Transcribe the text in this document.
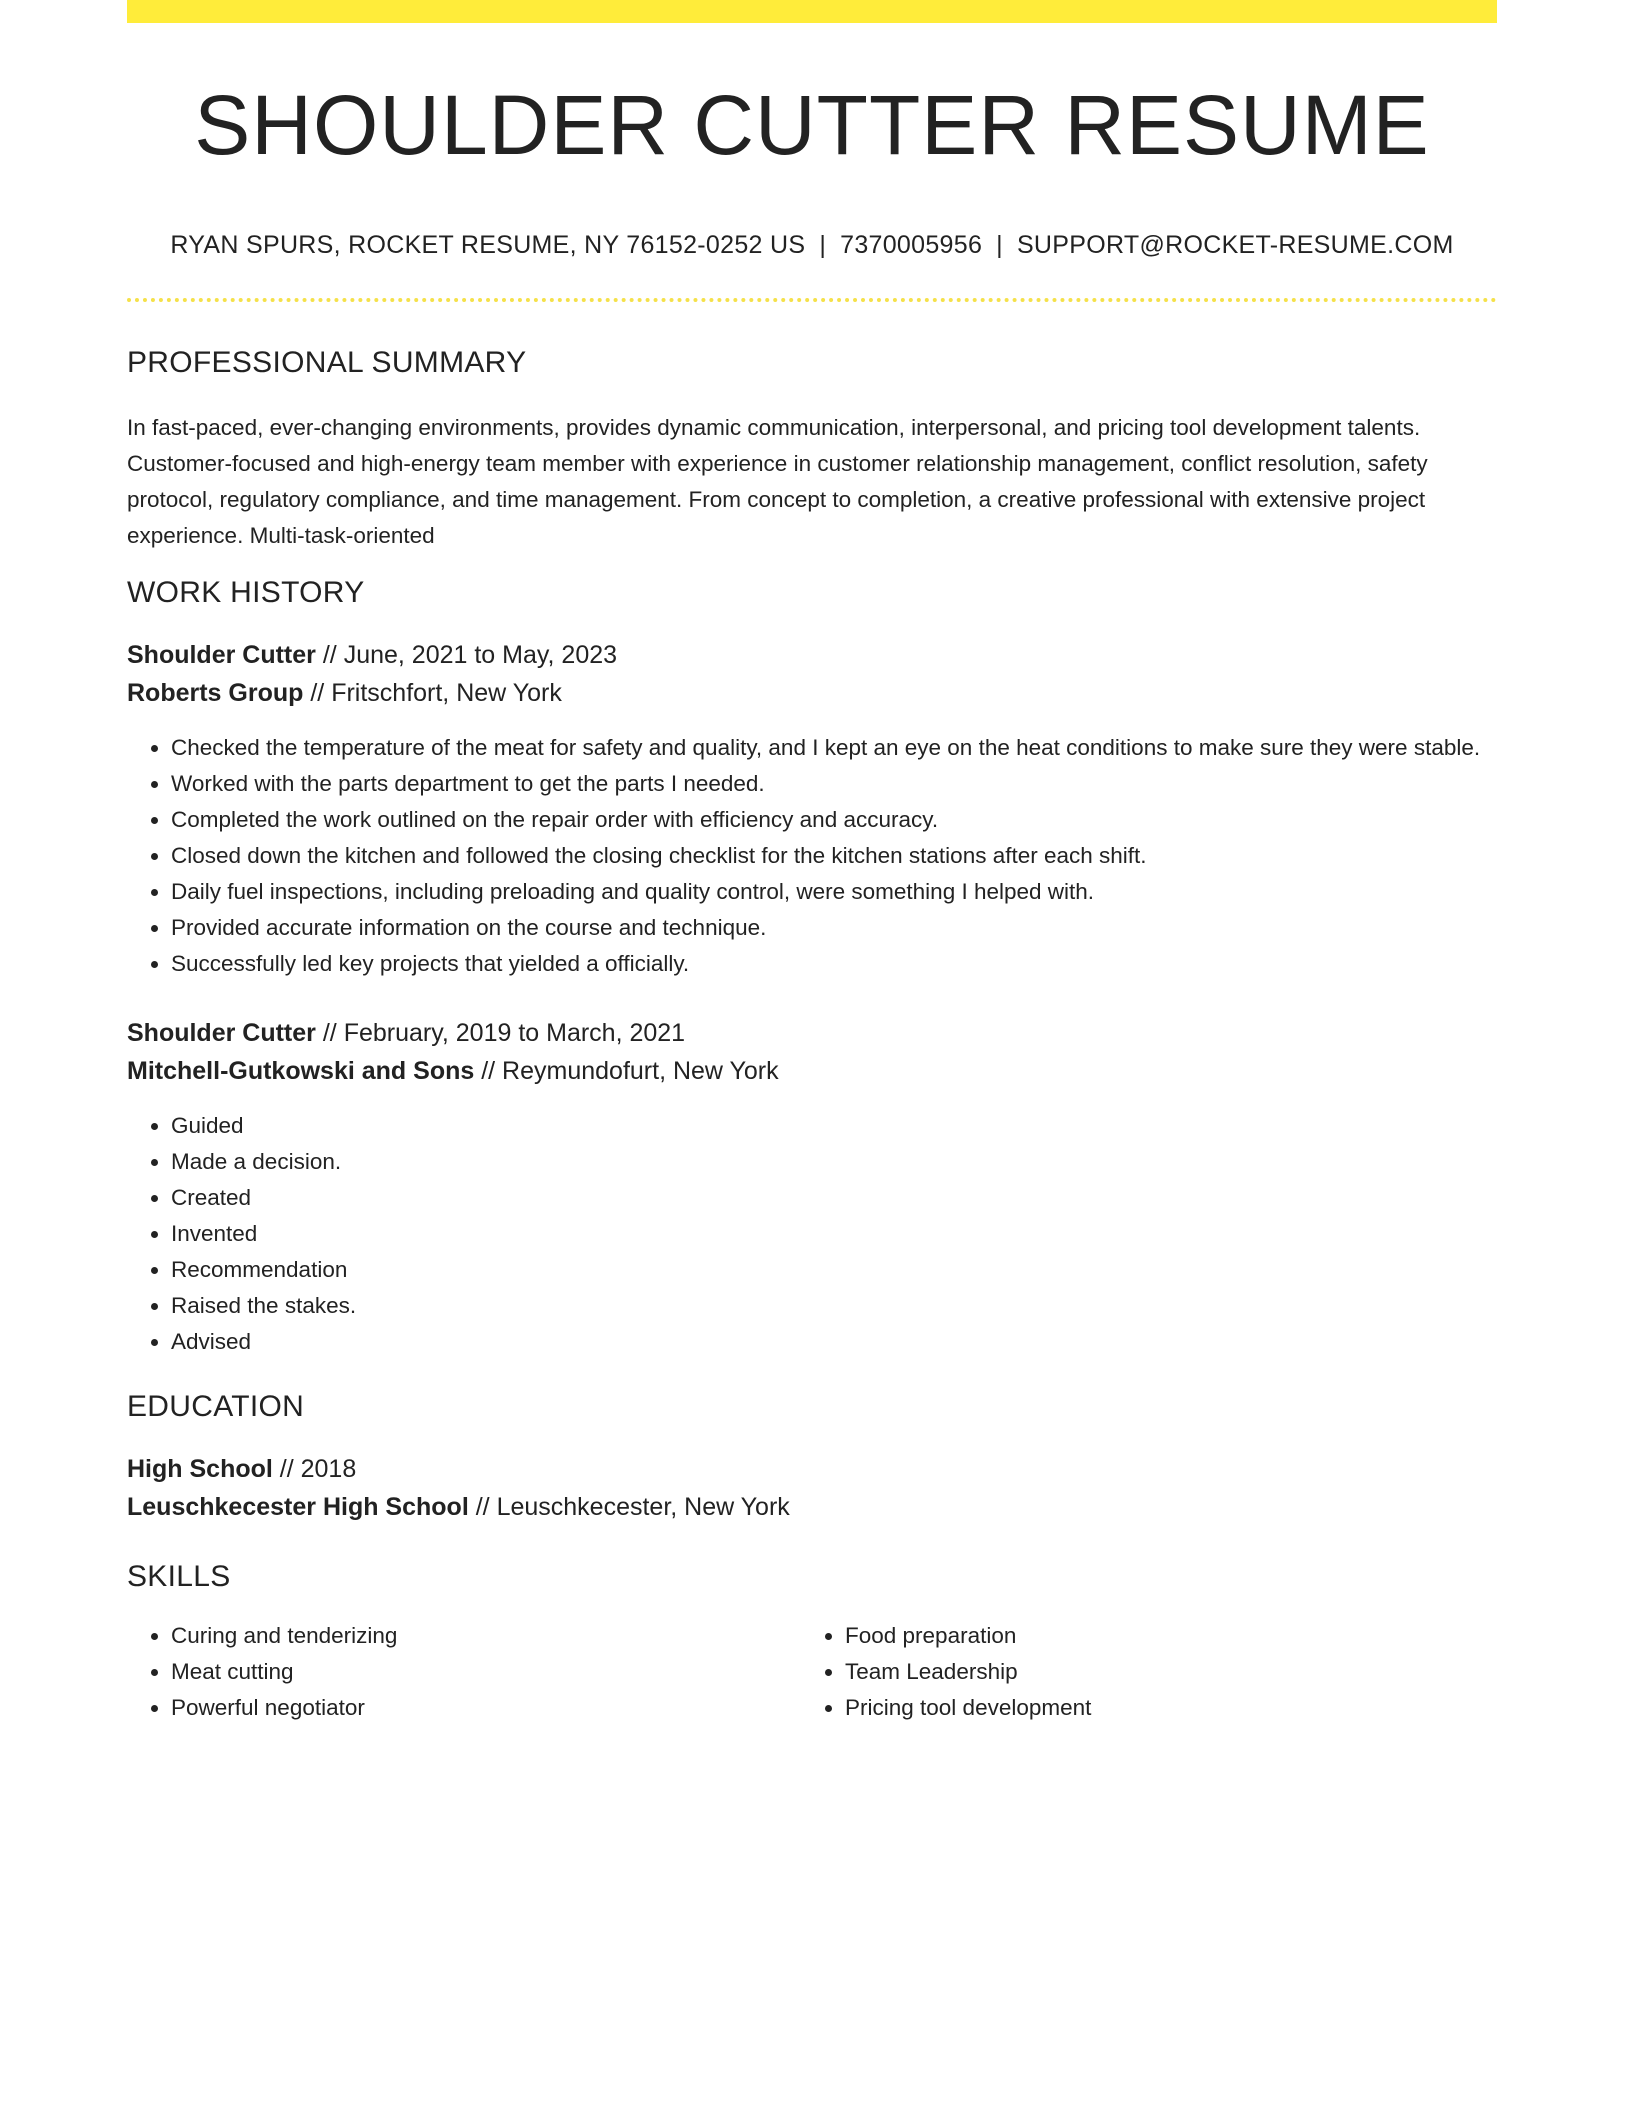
SHOULDER CUTTER RESUME
RYAN SPURS, ROCKET RESUME, NY 76152-0252 US | 7370005956 | SUPPORT@ROCKET-RESUME.COM
PROFESSIONAL SUMMARY

In fast-paced, ever-changing environments, provides dynamic communication, interpersonal, and pricing tool development talents. Customer-focused and high-energy team member with experience in customer relationship management, conflict resolution, safety protocol, regulatory compliance, and time management. From concept to completion, a creative professional with extensive project experience. Multi-task-oriented

WORK HISTORY
Shoulder Cutter // June, 2021 to May, 2023
Roberts Group // Fritschfort, New York
• Checked the temperature of the meat for safety and quality, and I kept an eye on the heat conditions to make sure they were stable.
• Worked with the parts department to get the parts I needed.
• Completed the work outlined on the repair order with efficiency and accuracy.
• Closed down the kitchen and followed the closing checklist for the kitchen stations after each shift.
• Daily fuel inspections, including preloading and quality control, were something I helped with.
• Provided accurate information on the course and technique.
• Successfully led key projects that yielded a officially.
Shoulder Cutter // February, 2019 to March, 2021
Mitchell-Gutkowski and Sons // Reymundofurt, New York
• Guided
• Made a decision.
• Created
• Invented
• Recommendation
• Raised the stakes.
• Advised
EDUCATION
High School // 2018
Leuschkecester High School // Leuschkecester, New York
SKILLS
• Curing and tenderizing
• Meat cutting
• Powerful negotiator
• Food preparation
• Team Leadership
• Pricing tool development
